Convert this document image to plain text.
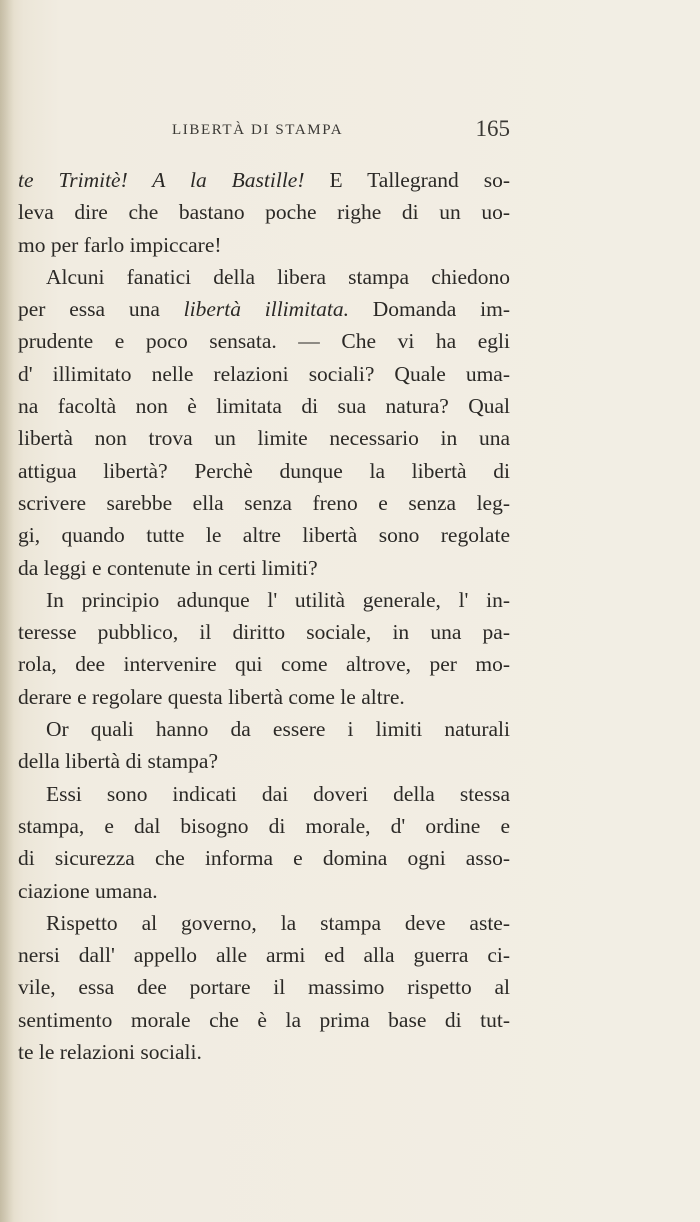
LIBERTÀ DI STAMPA	165
te Trimitè! A la Bastille! E Tallegrand so-
leva dire che bastano poche righe di un uo-
mo per farlo impiccare!
Alcuni fanatici della libera stampa chiedono
per essa una libertà illimitata. Domanda im-
prudente e poco sensata. — Che vi ha egli
d' illimitato nelle relazioni sociali? Quale uma-
na facoltà non è limitata di sua natura? Qual
libertà non trova un limite necessario in una
attigua libertà? Perchè dunque la libertà di
scrivere sarebbe ella senza freno e senza leg-
gi, quando tutte le altre libertà sono regolate
da leggi e contenute in certi limiti?
In principio adunque l' utilità generale, l' in-
teresse pubblico, il diritto sociale, in una pa-
rola, dee intervenire qui come altrove, per mo-
derare e regolare questa libertà come le altre.
Or quali hanno da essere i limiti naturali
della libertà di stampa?
Essi sono indicati dai doveri della stessa
stampa, e dal bisogno di morale, d' ordine e
di sicurezza che informa e domina ogni asso-
ciazione umana.
Rispetto al governo, la stampa deve aste-
nersi dall' appello alle armi ed alla guerra ci-
vile, essa dee portare il massimo rispetto al
sentimento morale che è la prima base di tut-
te le relazioni sociali.
